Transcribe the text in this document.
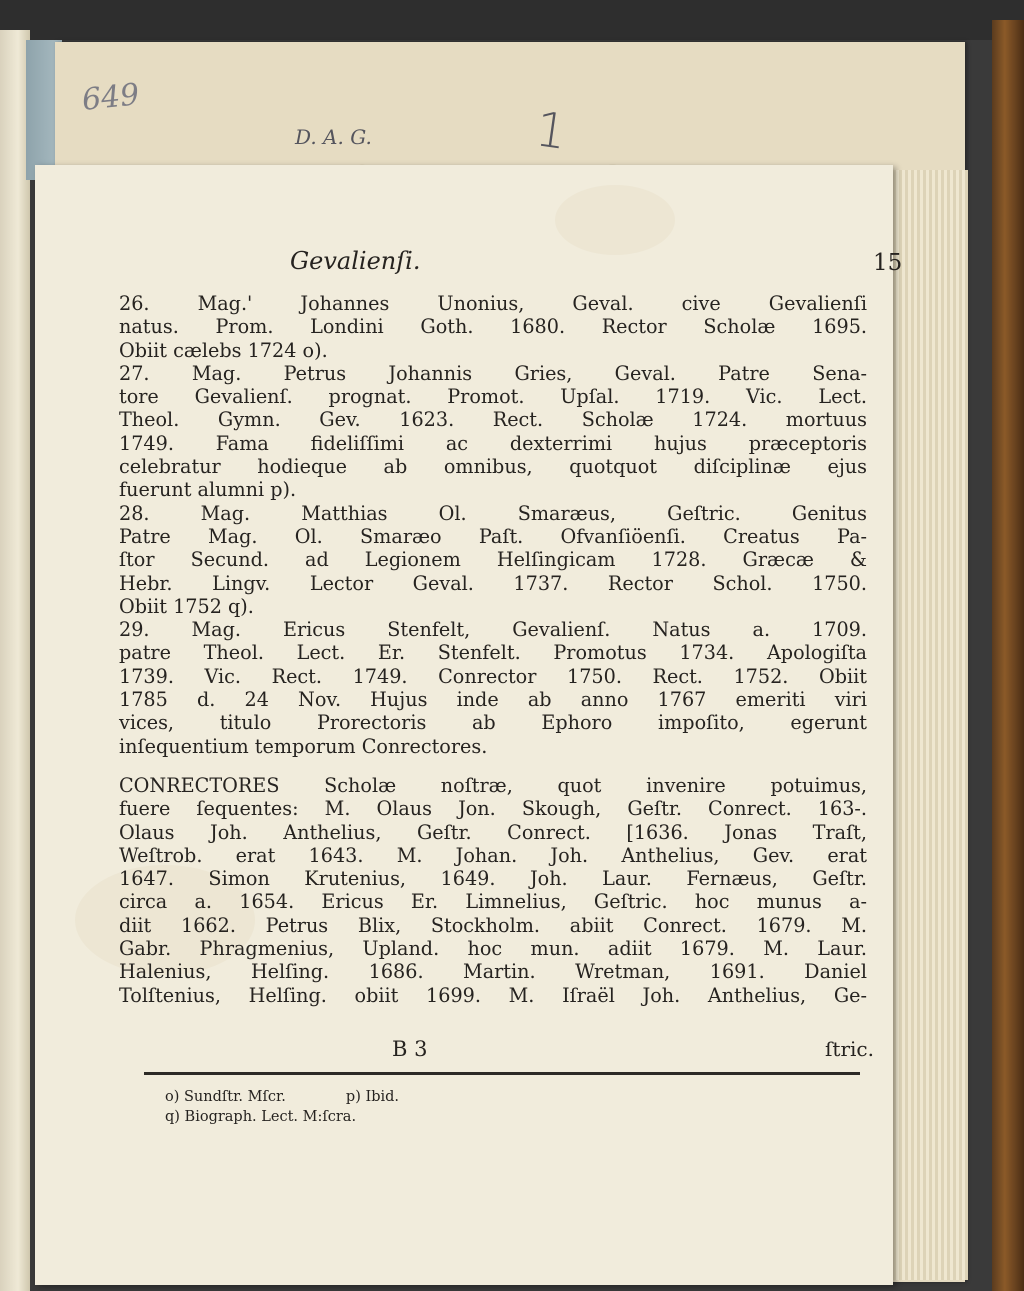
649
D. A. G.	1
Gevalienſi.	15
26. Mag.' Johannes Unonius, Geval. cive Gevalienſi
natus. Prom. Londini Goth. 1680. Rector Scholæ 1695.
Obiit cælebs 1724 o).
27. Mag. Petrus Johannis Gries, Geval. Patre Sena-
tore Gevalienſ. prognat. Promot. Upſal. 1719. Vic. Lect.
Theol. Gymn. Gev. 1623. Rect. Scholæ 1724. mortuus
1749. Fama fideliſſimi ac dexterrimi hujus præceptoris
celebratur hodieque ab omnibus, quotquot diſciplinæ ejus
fuerunt alumni p).
28. Mag. Matthias Ol. Smaræus, Geſtric. Genitus
Patre Mag. Ol. Smaræo Paſt. Ofvanſiöenſi. Creatus Pa-
ſtor Secund. ad Legionem Helſingicam 1728. Græcæ &
Hebr. Lingv. Lector Geval. 1737. Rector Schol. 1750.
Obiit 1752 q).
29. Mag. Ericus Stenfelt, Gevalienſ. Natus a. 1709.
patre Theol. Lect. Er. Stenfelt. Promotus 1734. Apologiſta
1739. Vic. Rect. 1749. Conrector 1750. Rect. 1752. Obiit
1785 d. 24 Nov. Hujus inde ab anno 1767 emeriti viri
vices, titulo Prorectoris ab Ephoro impoſito, egerunt
inſequentium temporum Conrectores.
CONRECTORES Scholæ noſtræ, quot invenire potuimus,
fuere ſequentes: M. Olaus Jon. Skough, Geſtr. Conrect. 163-.
Olaus Joh. Anthelius, Geſtr. Conrect. [1636. Jonas Traſt,
Weſtrob. erat 1643. M. Johan. Joh. Anthelius, Gev. erat
1647. Simon Krutenius, 1649. Joh. Laur. Fernæus, Geſtr.
circa a. 1654. Ericus Er. Limnelius, Geſtric. hoc munus a-
diit 1662. Petrus Blix, Stockholm. abiit Conrect. 1679. M.
Gabr. Phragmenius, Upland. hoc mun. adiit 1679. M. Laur.
Halenius, Helſing. 1686. Martin. Wretman, 1691. Daniel
Tolſtenius, Helſing. obiit 1699. M. Iſraël Joh. Anthelius, Ge-
B 3	ſtric.
o) Sundſtr. Mſcr.	p) Ibid.
q) Biograph. Lect. M:ſcra.
